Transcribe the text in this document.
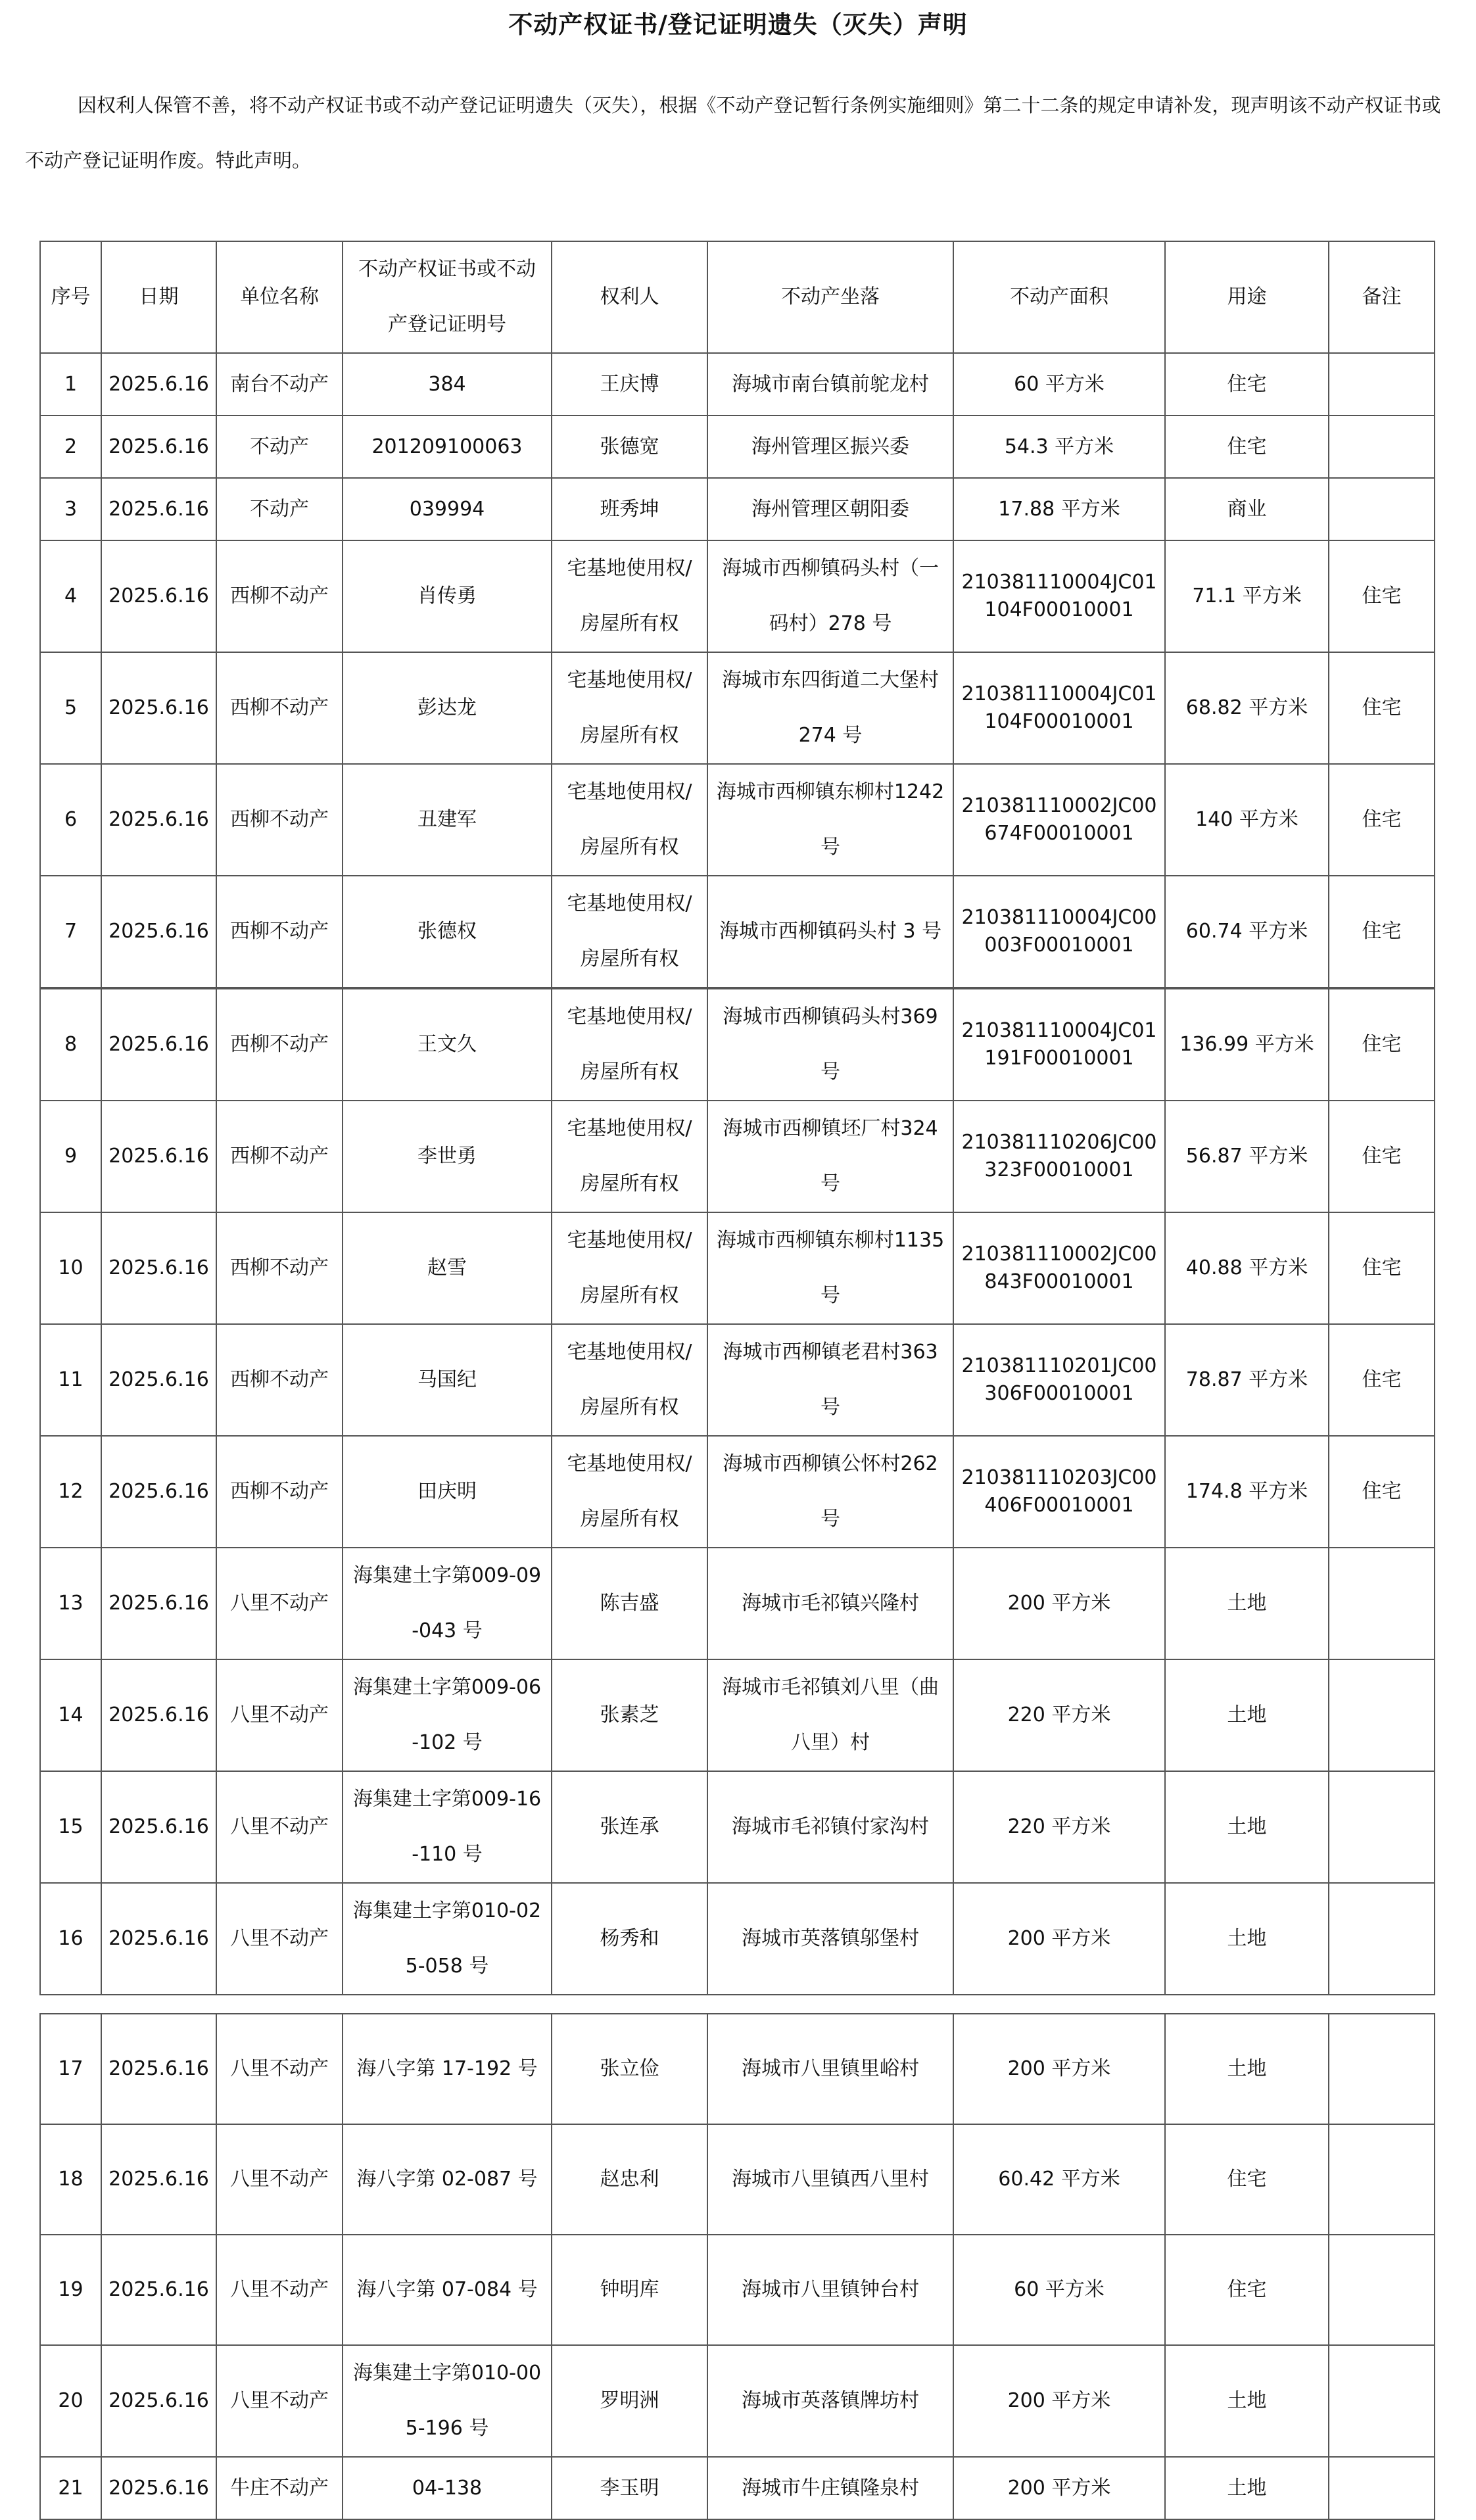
不动产权证书/登记证明遗失（灭失）声明
因权利人保管不善，将不动产权证书或不动产登记证明遗失（灭失），根据《不动产登记暂行条例实施细则》第二十二条的规定申请补发，现声明该不动产权证书或不动产登记证明作废。特此声明。
序号	日期	单位名称	不动产权证书或不动产登记证明号	权利人	不动产坐落	不动产面积	用途	备注
1	2025.6.16	南台不动产	384	王庆博	海城市南台镇前鸵龙村	60 平方米	住宅	
2	2025.6.16	不动产	201209100063	张德宽	海州管理区振兴委	54.3 平方米	住宅	
3	2025.6.16	不动产	039994	班秀坤	海州管理区朝阳委	17.88 平方米	商业	
4	2025.6.16	西柳不动产	肖传勇	宅基地使用权/房屋所有权	海城市西柳镇码头村（一码村）278 号	210381110004JC01104F00010001	71.1 平方米	住宅
5	2025.6.16	西柳不动产	彭达龙	宅基地使用权/房屋所有权	海城市东四街道二大堡村 274 号	210381110004JC01104F00010001	68.82 平方米	住宅
6	2025.6.16	西柳不动产	丑建军	宅基地使用权/房屋所有权	海城市西柳镇东柳村1242 号	210381110002JC00674F00010001	140 平方米	住宅
7	2025.6.16	西柳不动产	张德权	宅基地使用权/房屋所有权	海城市西柳镇码头村 3 号	210381110004JC00003F00010001	60.74 平方米	住宅
8	2025.6.16	西柳不动产	王文久	宅基地使用权/房屋所有权	海城市西柳镇码头村369 号	210381110004JC01191F00010001	136.99 平方米	住宅
9	2025.6.16	西柳不动产	李世勇	宅基地使用权/房屋所有权	海城市西柳镇坯厂村324 号	210381110206JC00323F00010001	56.87 平方米	住宅
10	2025.6.16	西柳不动产	赵雪	宅基地使用权/房屋所有权	海城市西柳镇东柳村1135 号	210381110002JC00843F00010001	40.88 平方米	住宅
11	2025.6.16	西柳不动产	马国纪	宅基地使用权/房屋所有权	海城市西柳镇老君村363 号	210381110201JC00306F00010001	78.87 平方米	住宅
12	2025.6.16	西柳不动产	田庆明	宅基地使用权/房屋所有权	海城市西柳镇公怀村262 号	210381110203JC00406F00010001	174.8 平方米	住宅
13	2025.6.16	八里不动产	海集建土字第009-09-043 号	陈吉盛	海城市毛祁镇兴隆村	200 平方米	土地	
14	2025.6.16	八里不动产	海集建土字第009-06-102 号	张素芝	海城市毛祁镇刘八里（曲八里）村	220 平方米	土地	
15	2025.6.16	八里不动产	海集建土字第009-16-110 号	张连承	海城市毛祁镇付家沟村	220 平方米	土地	
16	2025.6.16	八里不动产	海集建土字第010-025-058 号	杨秀和	海城市英落镇邬堡村	200 平方米	土地	
17	2025.6.16	八里不动产	海八字第 17-192 号	张立俭	海城市八里镇里峪村	200 平方米	土地	
18	2025.6.16	八里不动产	海八字第 02-087 号	赵忠利	海城市八里镇西八里村	60.42 平方米	住宅	
19	2025.6.16	八里不动产	海八字第 07-084 号	钟明库	海城市八里镇钟台村	60 平方米	住宅	
20	2025.6.16	八里不动产	海集建土字第010-005-196 号	罗明洲	海城市英落镇牌坊村	200 平方米	土地	
21	2025.6.16	牛庄不动产	04-138	李玉明	海城市牛庄镇隆泉村	200 平方米	土地	
